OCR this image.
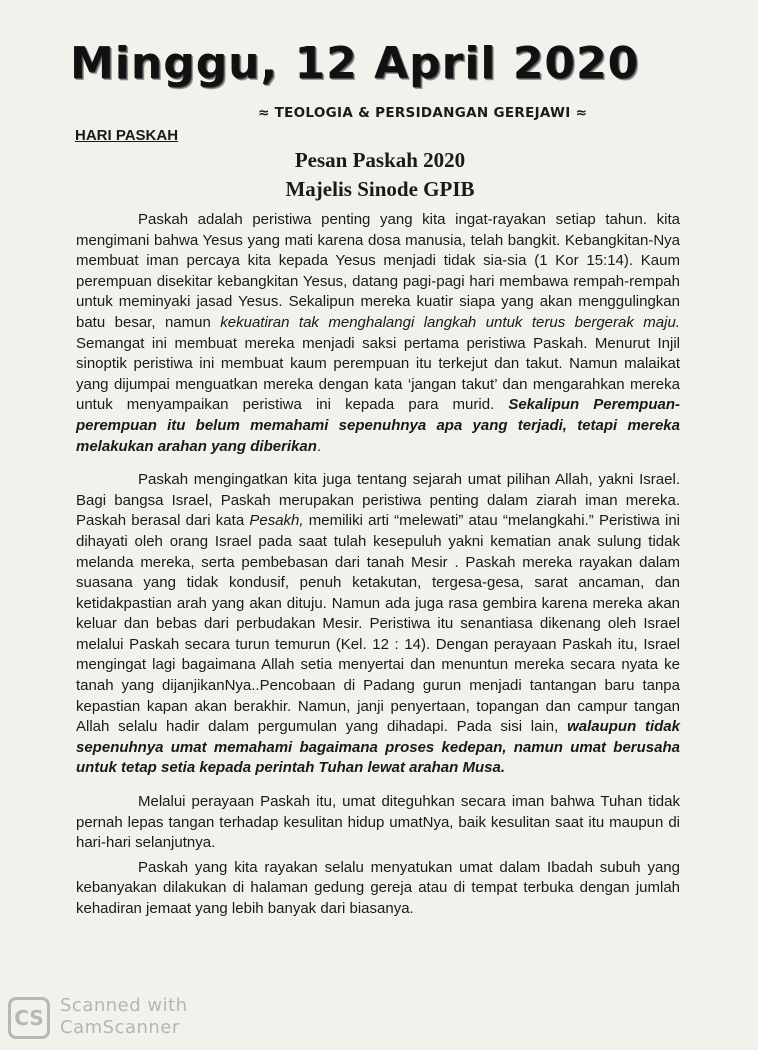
Minggu, 12 April 2020
≈ TEOLOGIA & PERSIDANGAN GEREJAWI ≈
HARI PASKAH
Pesan Paskah 2020
Majelis Sinode GPIB

Paskah adalah peristiwa penting yang kita ingat-rayakan setiap tahun. kita mengimani bahwa Yesus yang mati karena dosa manusia, telah bangkit. Kebangkitan-Nya membuat iman percaya kita kepada Yesus menjadi tidak sia-sia (1 Kor 15:14). Kaum perempuan disekitar kebangkitan Yesus, datang pagi-pagi hari membawa rempah-rempah untuk meminyaki jasad Yesus. Sekalipun mereka kuatir siapa yang akan menggulingkan batu besar, namun kekuatiran tak menghalangi langkah untuk terus bergerak maju. Semangat ini membuat mereka menjadi saksi pertama peristiwa Paskah. Menurut Injil sinoptik peristiwa ini membuat kaum perempuan itu terkejut dan takut. Namun malaikat yang dijumpai menguatkan mereka dengan kata ‘jangan takut’ dan mengarahkan mereka untuk menyampaikan peristiwa ini kepada para murid. Sekalipun Perempuan-perempuan itu belum memahami sepenuhnya apa yang terjadi, tetapi mereka melakukan arahan yang diberikan.

Paskah mengingatkan kita juga tentang sejarah umat pilihan Allah, yakni Israel. Bagi bangsa Israel, Paskah merupakan peristiwa penting dalam ziarah iman mereka. Paskah berasal dari kata Pesakh, memiliki arti “melewati” atau “melangkahi.” Peristiwa ini dihayati oleh orang Israel pada saat tulah kesepuluh yakni kematian anak sulung tidak melanda mereka, serta pembebasan dari tanah Mesir . Paskah mereka rayakan dalam suasana yang tidak kondusif, penuh ketakutan, tergesa-gesa, sarat ancaman, dan ketidakpastian arah yang akan dituju. Namun ada juga rasa gembira karena mereka akan keluar dan bebas dari perbudakan Mesir. Peristiwa itu senantiasa dikenang oleh Israel melalui Paskah secara turun temurun (Kel. 12 : 14). Dengan perayaan Paskah itu, Israel mengingat lagi bagaimana Allah setia menyertai dan menuntun mereka secara nyata ke tanah yang dijanjikanNya..Pencobaan di Padang gurun menjadi tantangan baru tanpa kepastian kapan akan berakhir. Namun, janji penyertaan, topangan dan campur tangan Allah selalu hadir dalam pergumulan yang dihadapi. Pada sisi lain, walaupun tidak sepenuhnya umat memahami bagaimana proses kedepan, namun umat berusaha untuk tetap setia kepada perintah Tuhan lewat arahan Musa.

Melalui perayaan Paskah itu, umat diteguhkan secara iman bahwa Tuhan tidak pernah lepas tangan terhadap kesulitan hidup umatNya, baik kesulitan saat itu maupun di hari-hari selanjutnya.

Paskah yang kita rayakan selalu menyatukan umat dalam Ibadah subuh yang kebanyakan dilakukan di halaman gedung gereja atau di tempat terbuka dengan jumlah kehadiran jemaat yang lebih banyak dari biasanya.

CS
Scanned with
CamScanner
